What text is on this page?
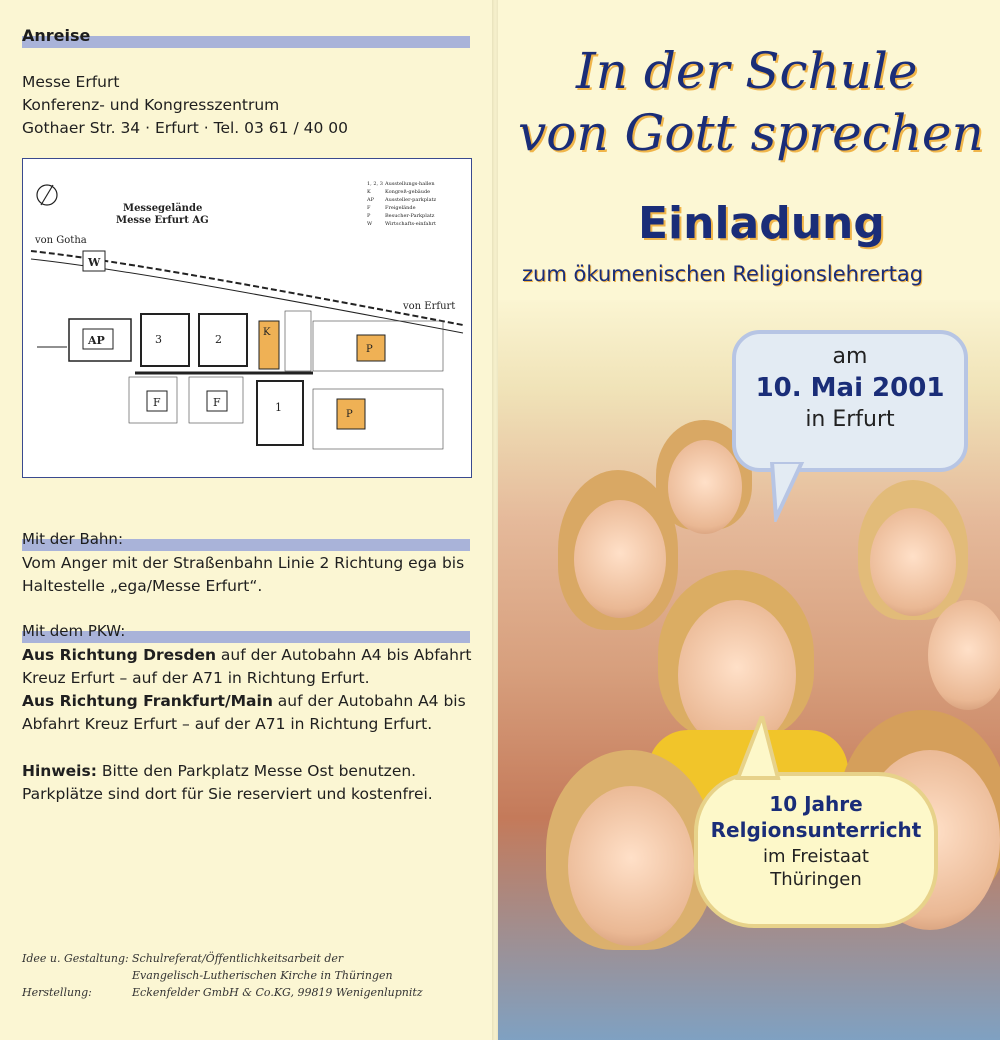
Anreise

Messe Erfurt

Konferenz- und Kongresszentrum

Gothaer Str. 34 · Erfurt · Tel. 03 61 / 40 00

Messegelände
Messe Erfurt AG
von Gotha
von Erfurt
1, 2, 3 Ausstellungs-hallen
K	Kongreß-gebäude
AP Aussteller-parkplatz
F	Freigelände
P	Besucher-Parkplatz
W	Wirtschafts-einfahrt
W
AP	3	2
K
P
P
F	F	1
Mit der Bahn:

Vom Anger mit der Straßenbahn Linie 2 Richtung ega bis

Haltestelle „ega/Messe Erfurt“.

Mit dem PKW:

Aus Richtung Dresden auf der Autobahn A4 bis Abfahrt

Kreuz Erfurt – auf der A71 in Richtung Erfurt.

Aus Richtung Frankfurt/Main auf der Autobahn A4 bis

Abfahrt Kreuz Erfurt – auf der A71 in Richtung Erfurt.

Hinweis: Bitte den Parkplatz Messe Ost benutzen.

Parkplätze sind dort für Sie reserviert und kostenfrei.

Idee u. Gestaltung: Schulreferat/Öffentlichkeitsarbeit der
Evangelisch-Lutherischen Kirche in Thüringen
Herstellung:	Eckenfelder GmbH & Co.KG, 99819 Wenigenlupnitz
In der Schule
von Gott sprechen
Einladung
zum ökumenischen Religionslehrertag
am
10. Mai 2001
in Erfurt
10 Jahre
Relgionsunterricht
im Freistaat
Thüringen
